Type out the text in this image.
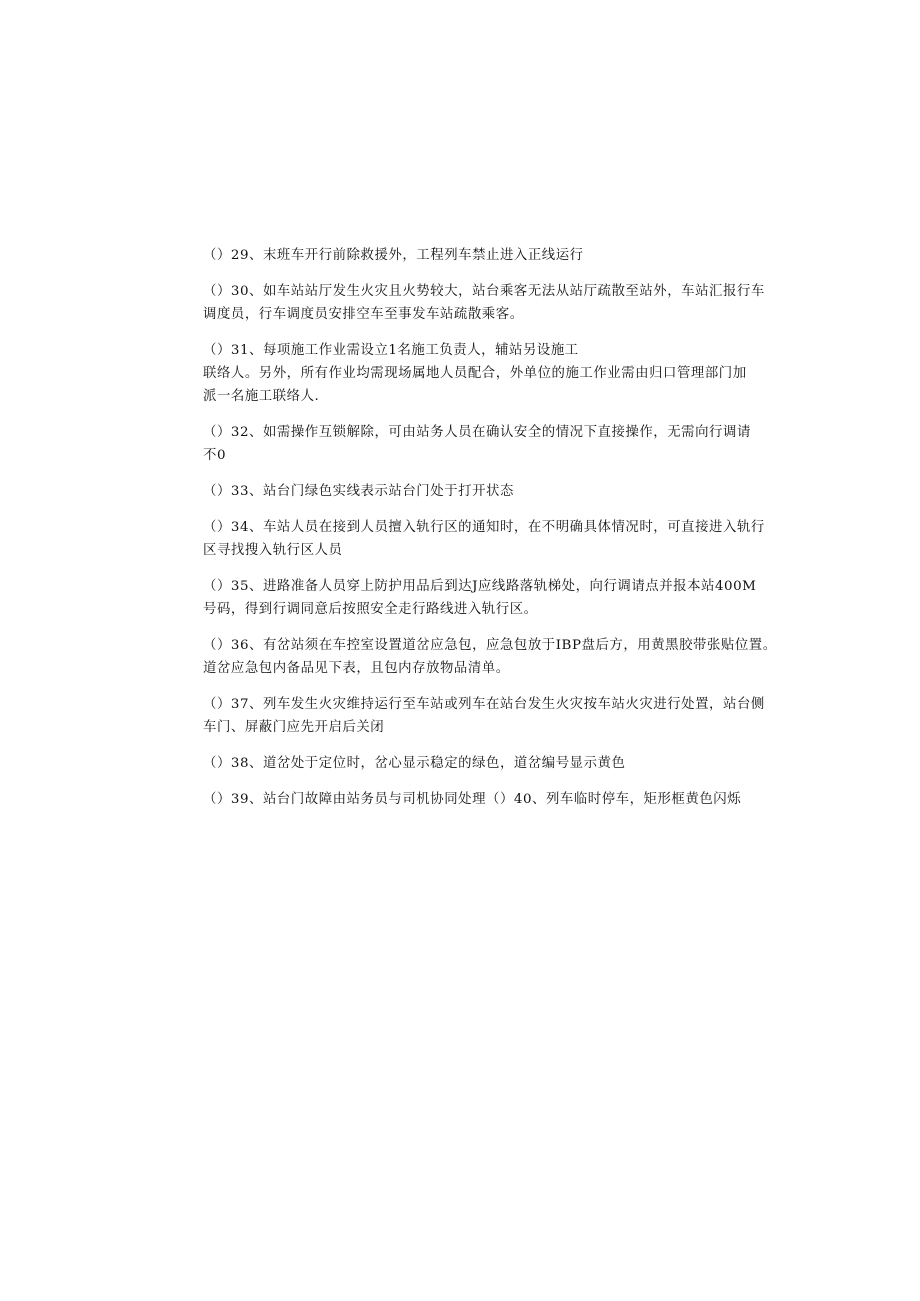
（）29、末班车开行前除救援外，工程列车禁止进入正线运行
（）30、如车站站厅发生火灾且火势较大，站台乘客无法从站厅疏散至站外，车站汇报行车
调度员，行车调度员安排空车至事发车站疏散乘客。
（）31、每项施工作业需设立1名施工负责人，辅站另设施工
联络人。另外，所有作业均需现场属地人员配合，外单位的施工作业需由归口管理部门加
派一名施工联络人.
（）32、如需操作互锁解除，可由站务人员在确认安全的情况下直接操作，无需向行调请
不0
（）33、站台门绿色实线表示站台门处于打开状态
（）34、车站人员在接到人员擅入轨行区的通知时，在不明确具体情况时，可直接进入轨行
区寻找搜入轨行区人员
（）35、进路准备人员穿上防护用品后到达J应线路落轨梯处，向行调请点并报本站400M
号码，得到行调同意后按照安全走行路线进入轨行区。
（）36、有岔站须在车控室设置道岔应急包，应急包放于IBP盘后方，用黄黑胶带张贴位置。
道岔应急包内备品见下表，且包内存放物品清单。
（）37、列车发生火灾维持运行至车站或列车在站台发生火灾按车站火灾进行处置，站台侧
车门、屏蔽门应先开启后关闭
（）38、道岔处于定位时，岔心显示稳定的绿色，道岔编号显示黄色
（）39、站台门故障由站务员与司机协同处理（）40、列车临时停车，矩形框黄色闪烁
